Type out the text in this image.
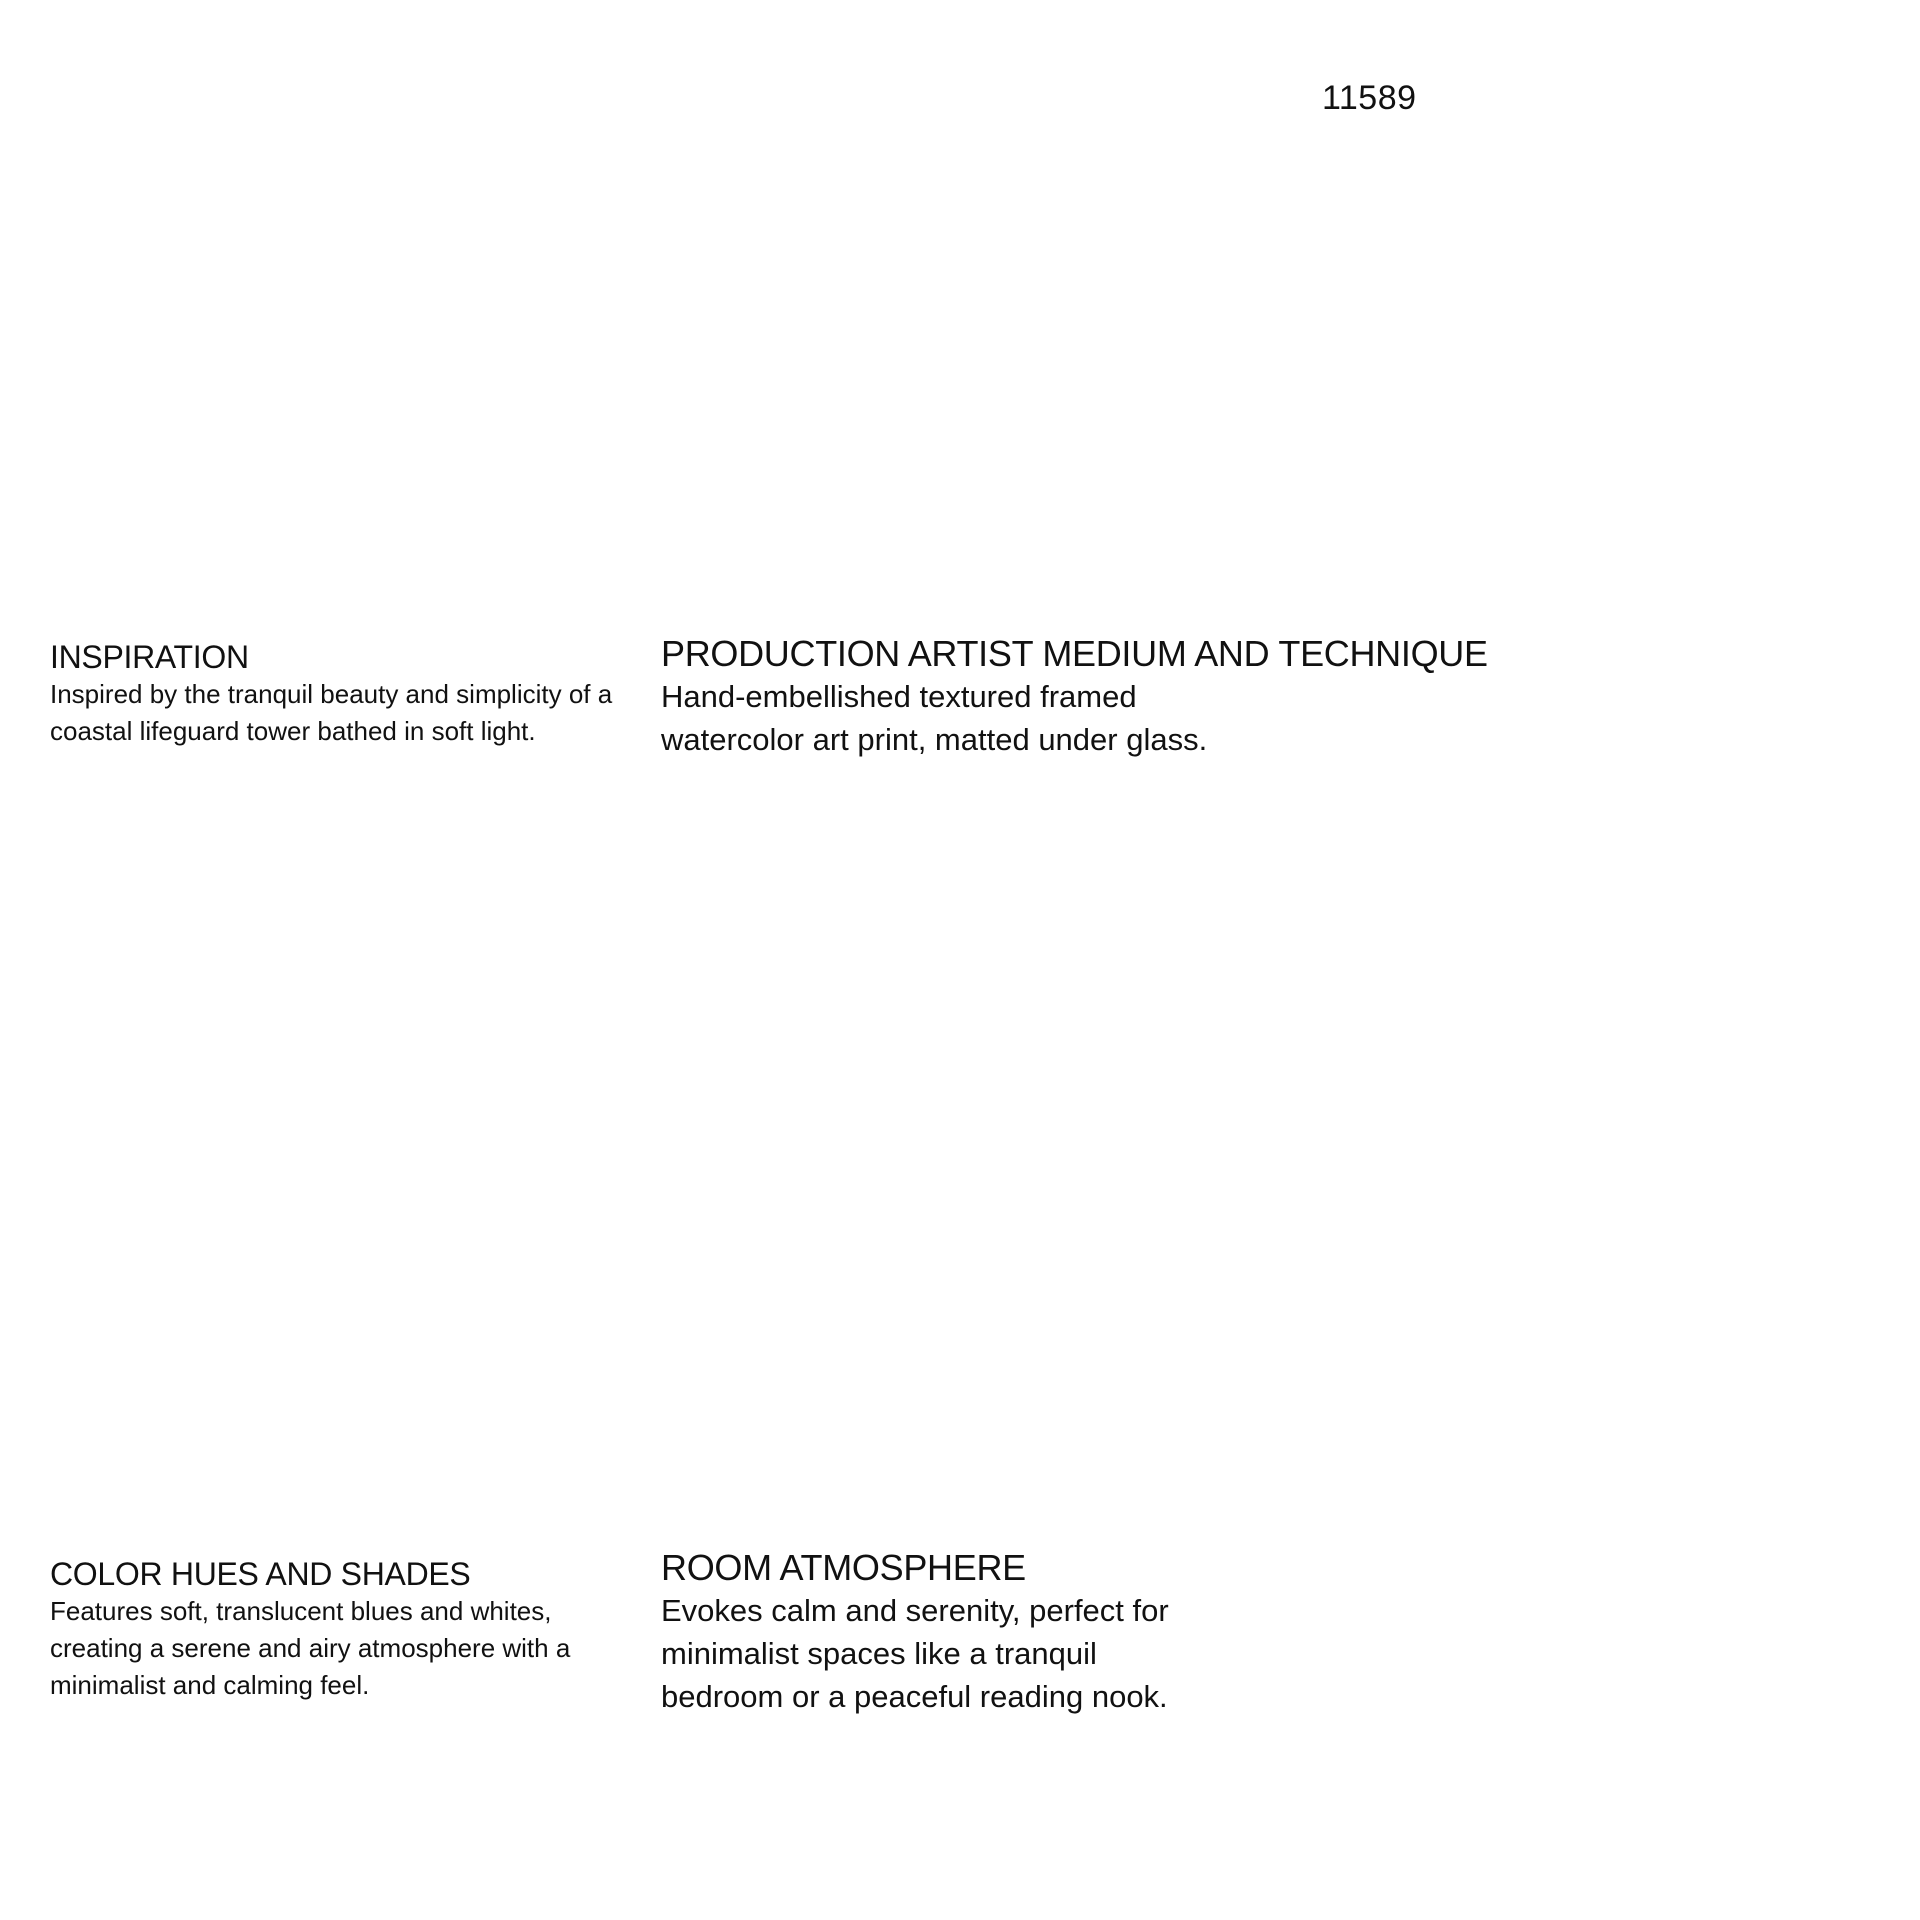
11589
INSPIRATION

Inspired by the tranquil beauty and simplicity of a coastal lifeguard tower bathed in soft light.

PRODUCTION ARTIST MEDIUM AND TECHNIQUE

Hand-embellished textured framed watercolor art print, matted under glass.

COLOR HUES AND SHADES

Features soft, translucent blues and whites, creating a serene and airy atmosphere with a minimalist and calming feel.

ROOM ATMOSPHERE

Evokes calm and serenity, perfect for minimalist spaces like a tranquil bedroom or a peaceful reading nook.
